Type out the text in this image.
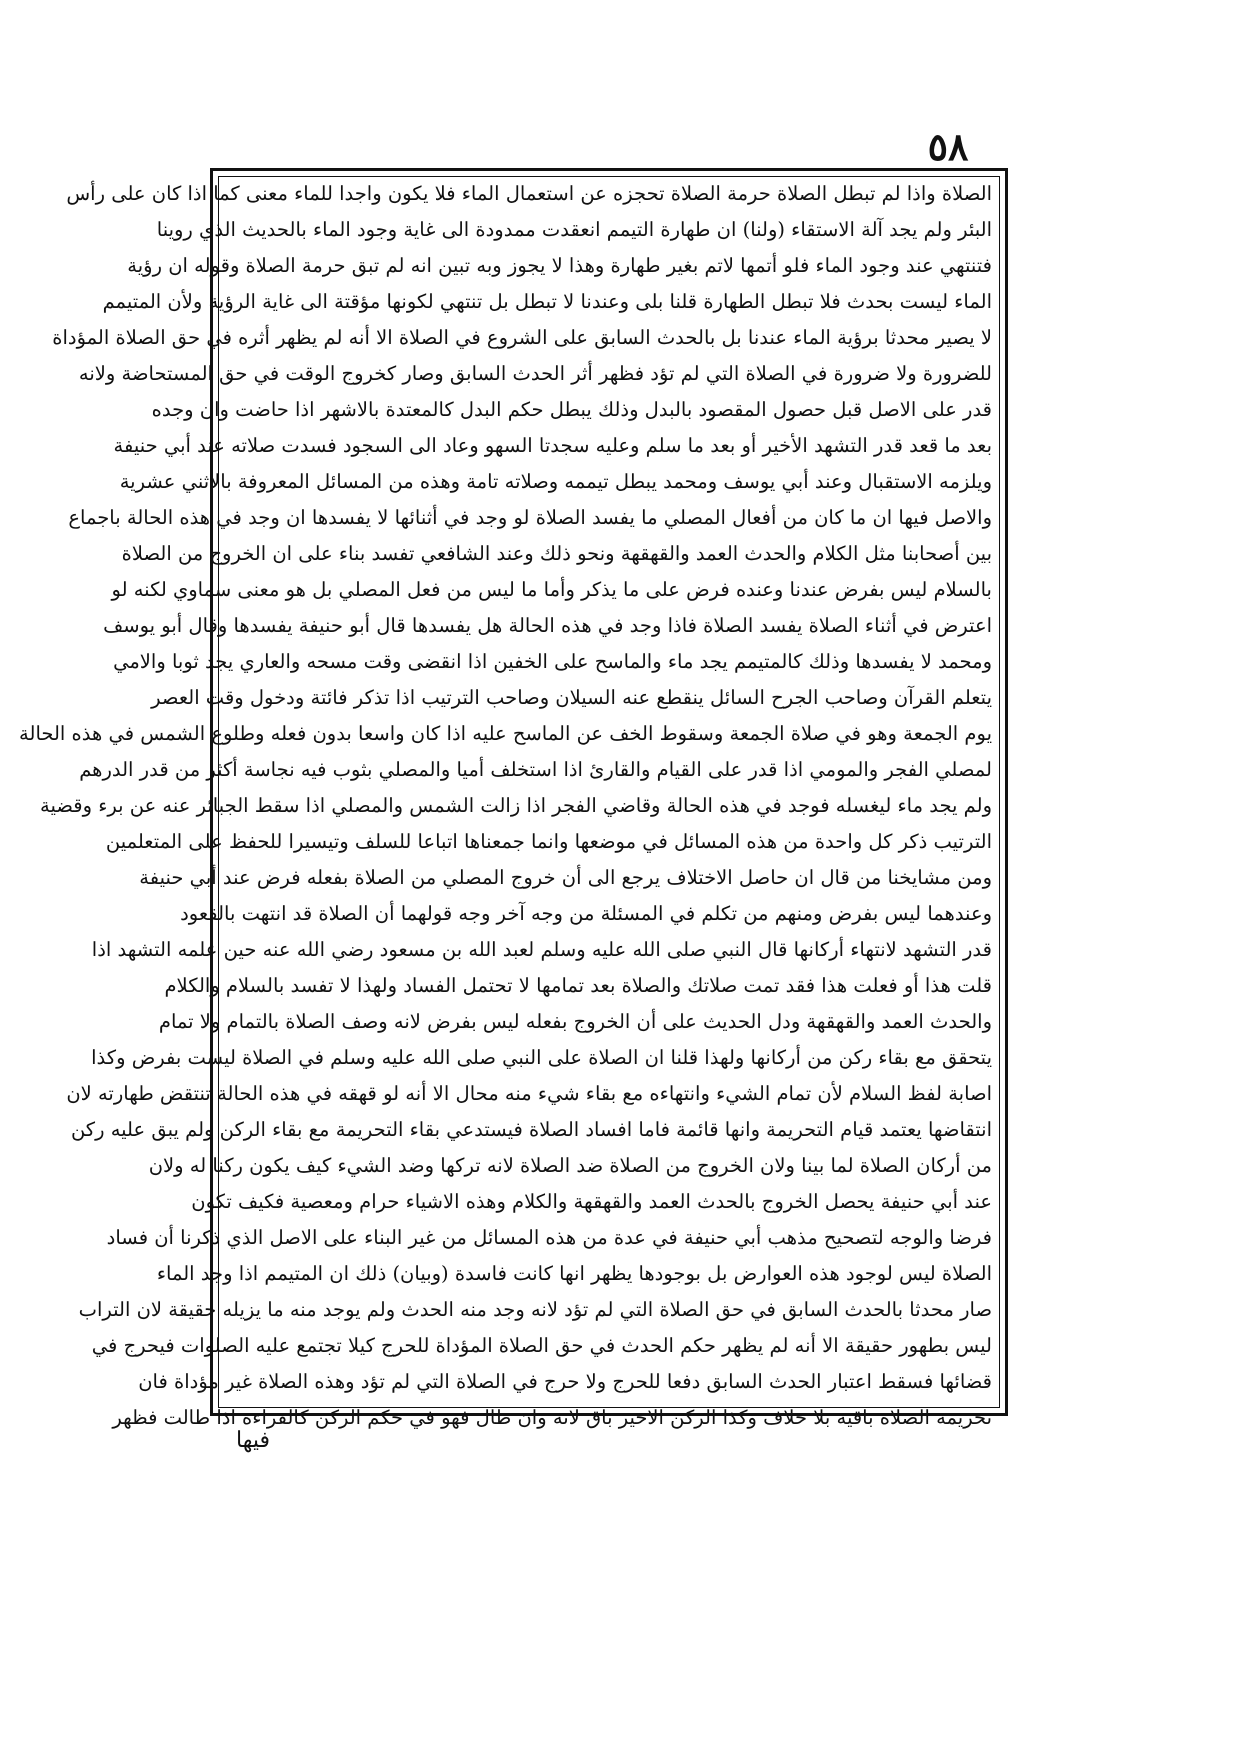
٥٨
الصلاة واذا لم تبطل الصلاة حرمة الصلاة تحجزه عن استعمال الماء فلا يكون واجدا للماء معنى كما اذا كان على رأس
البئر ولم يجد آلة الاستقاء (ولنا) ان طهارة التيمم انعقدت ممدودة الى غاية وجود الماء بالحديث الذي روينا
فتنتهي عند وجود الماء فلو أتمها لاتم بغير طهارة وهذا لا يجوز وبه تبين انه لم تبق حرمة الصلاة وقوله ان رؤية
الماء ليست بحدث فلا تبطل الطهارة قلنا بلى وعندنا لا تبطل بل تنتهي لكونها مؤقتة الى غاية الرؤية ولأن المتيمم
لا يصير محدثا برؤية الماء عندنا بل بالحدث السابق على الشروع في الصلاة الا أنه لم يظهر أثره في حق الصلاة المؤداة
للضرورة ولا ضرورة في الصلاة التي لم تؤد فظهر أثر الحدث السابق وصار كخروج الوقت في حق المستحاضة ولانه
قدر على الاصل قبل حصول المقصود بالبدل وذلك يبطل حكم البدل كالمعتدة بالاشهر اذا حاضت وان وجده
بعد ما قعد قدر التشهد الأخير أو بعد ما سلم وعليه سجدتا السهو وعاد الى السجود فسدت صلاته عند أبي حنيفة
ويلزمه الاستقبال وعند أبي يوسف ومحمد يبطل تيممه وصلاته تامة وهذه من المسائل المعروفة بالاثني عشرية
والاصل فيها ان ما كان من أفعال المصلي ما يفسد الصلاة لو وجد في أثنائها لا يفسدها ان وجد في هذه الحالة باجماع
بين أصحابنا مثل الكلام والحدث العمد والقهقهة ونحو ذلك وعند الشافعي تفسد بناء على ان الخروج من الصلاة
بالسلام ليس بفرض عندنا وعنده فرض على ما يذكر وأما ما ليس من فعل المصلي بل هو معنى سماوي لكنه لو
اعترض في أثناء الصلاة يفسد الصلاة فاذا وجد في هذه الحالة هل يفسدها قال أبو حنيفة يفسدها وقال أبو يوسف
ومحمد لا يفسدها وذلك كالمتيمم يجد ماء والماسح على الخفين اذا انقضى وقت مسحه والعاري يجد ثوبا والامي
يتعلم القرآن وصاحب الجرح السائل ينقطع عنه السيلان وصاحب الترتيب اذا تذكر فائتة ودخول وقت العصر
يوم الجمعة وهو في صلاة الجمعة وسقوط الخف عن الماسح عليه اذا كان واسعا بدون فعله وطلوع الشمس في هذه الحالة
لمصلي الفجر والمومي اذا قدر على القيام والقارئ اذا استخلف أميا والمصلي بثوب فيه نجاسة أكثر من قدر الدرهم
ولم يجد ماء ليغسله فوجد في هذه الحالة وقاضي الفجر اذا زالت الشمس والمصلي اذا سقط الجبائر عنه عن برء وقضية
الترتيب ذكر كل واحدة من هذه المسائل في موضعها وانما جمعناها اتباعا للسلف وتيسيرا للحفظ على المتعلمين
ومن مشايخنا من قال ان حاصل الاختلاف يرجع الى أن خروج المصلي من الصلاة بفعله فرض عند أبي حنيفة
وعندهما ليس بفرض ومنهم من تكلم في المسئلة من وجه آخر وجه قولهما أن الصلاة قد انتهت بالقعود
قدر التشهد لانتهاء أركانها قال النبي صلى الله عليه وسلم لعبد الله بن مسعود رضي الله عنه حين علمه التشهد اذا
قلت هذا أو فعلت هذا فقد تمت صلاتك والصلاة بعد تمامها لا تحتمل الفساد ولهذا لا تفسد بالسلام والكلام
والحدث العمد والقهقهة ودل الحديث على أن الخروج بفعله ليس بفرض لانه وصف الصلاة بالتمام ولا تمام
يتحقق مع بقاء ركن من أركانها ولهذا قلنا ان الصلاة على النبي صلى الله عليه وسلم في الصلاة ليست بفرض وكذا
اصابة لفظ السلام لأن تمام الشيء وانتهاءه مع بقاء شيء منه محال الا أنه لو قهقه في هذه الحالة تنتقض طهارته لان
انتقاضها يعتمد قيام التحريمة وانها قائمة فاما افساد الصلاة فيستدعي بقاء التحريمة مع بقاء الركن ولم يبق عليه ركن
من أركان الصلاة لما بينا ولان الخروج من الصلاة ضد الصلاة لانه تركها وضد الشيء كيف يكون ركنا له ولان
عند أبي حنيفة يحصل الخروج بالحدث العمد والقهقهة والكلام وهذه الاشياء حرام ومعصية فكيف تكون
فرضا والوجه لتصحيح مذهب أبي حنيفة في عدة من هذه المسائل من غير البناء على الاصل الذي ذكرنا أن فساد
الصلاة ليس لوجود هذه العوارض بل بوجودها يظهر انها كانت فاسدة (وبيان) ذلك ان المتيمم اذا وجد الماء
صار محدثا بالحدث السابق في حق الصلاة التي لم تؤد لانه وجد منه الحدث ولم يوجد منه ما يزيله حقيقة لان التراب
ليس بطهور حقيقة الا أنه لم يظهر حكم الحدث في حق الصلاة المؤداة للحرج كيلا تجتمع عليه الصلوات فيحرج في
قضائها فسقط اعتبار الحدث السابق دفعا للحرج ولا حرج في الصلاة التي لم تؤد وهذه الصلاة غير مؤداة فان
تحريمة الصلاة باقية بلا خلاف وكذا الركن الاخير باق لانه وان طال فهو في حكم الركن كالقراءة اذا طالت فظهر
فيها
